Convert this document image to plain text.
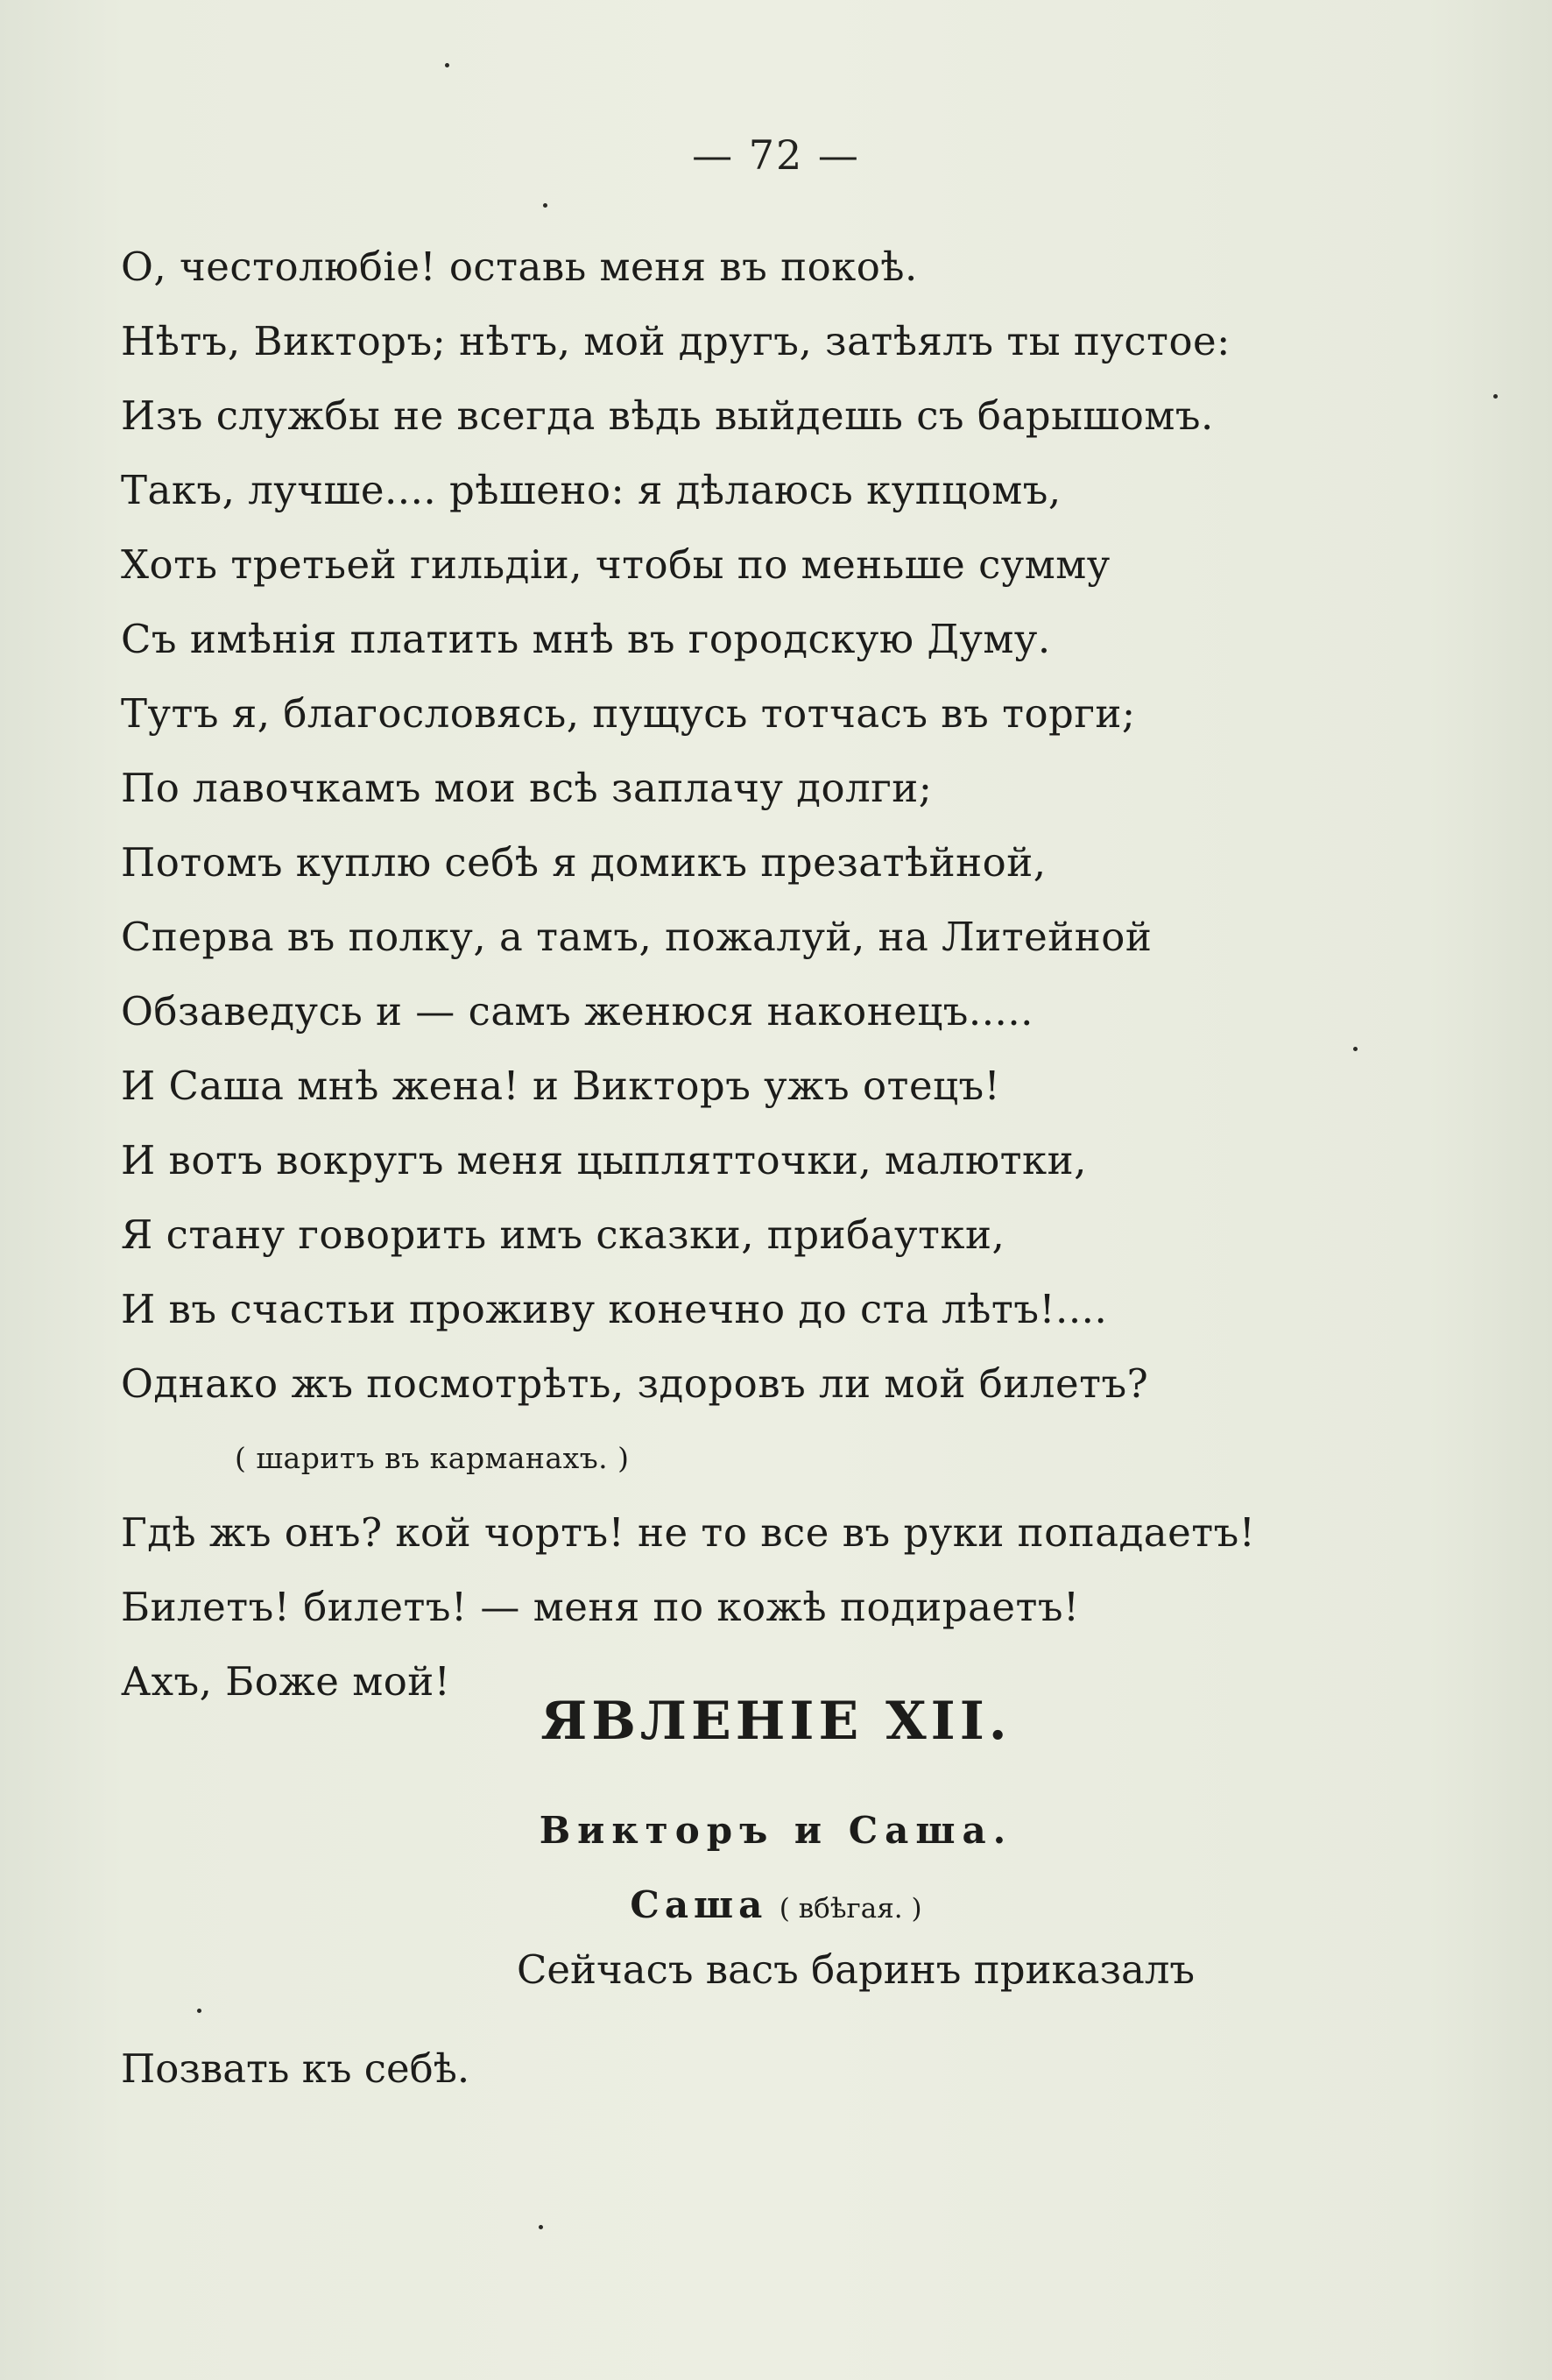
— 72 —
О, честолюбіе! оставь меня въ покоѣ.
Нѣтъ, Викторъ; нѣтъ, мой другъ, затѣялъ ты пустое:
Изъ службы не всегда вѣдь выйдешь съ барышомъ.
Такъ, лучше.... рѣшено: я дѣлаюсь купцомъ,
Хоть третьей гильдіи, чтобы по меньше сумму
Съ имѣнія платить мнѣ въ городскую Думу.
Тутъ я, благословясь, пущусь тотчасъ въ торги;
По лавочкамъ мои всѣ заплачу долги;
Потомъ куплю себѣ я домикъ презатѣйной,
Сперва въ полку, а тамъ, пожалуй, на Литейной
Обзаведусь и — самъ женюся наконецъ.....
И Саша мнѣ жена! и Викторъ ужъ отецъ!
И вотъ вокругъ меня цыплятточки, малютки,
Я стану говорить имъ сказки, прибаутки,
И въ счастьи проживу конечно до ста лѣтъ!....
Однако жъ посмотрѣть, здоровъ ли мой билетъ?
( шаритъ въ карманахъ. )
Гдѣ жъ онъ? кой чортъ! не то все въ руки попадаетъ!
Билетъ! билетъ! — меня по кожѣ подираетъ!
Ахъ, Боже мой!
ЯВЛЕНІЕ XII.
Викторъ и Саша.
Саша ( вбѣгая. )
Сейчасъ васъ баринъ приказалъ
Позвать къ себѣ.
